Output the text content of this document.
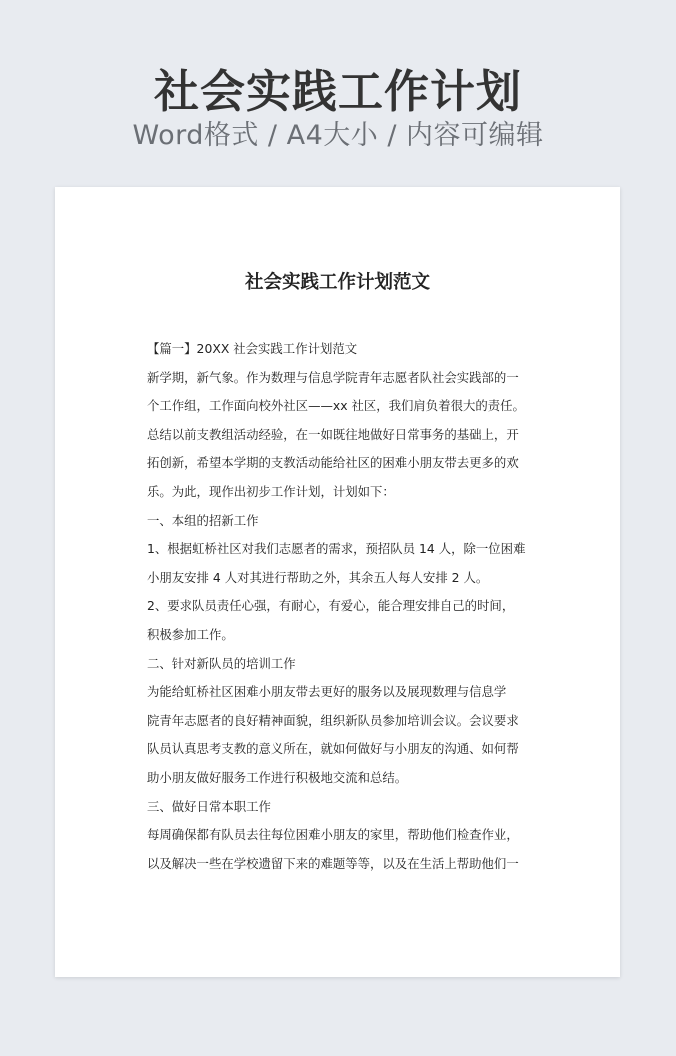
社会实践工作计划
Word格式 / A4大小 / 内容可编辑
社会实践工作计划范文
【篇一】20XX 社会实践工作计划范文
新学期，新气象。作为数理与信息学院青年志愿者队社会实践部的一
个工作组，工作面向校外社区——xx 社区，我们肩负着很大的责任。
总结以前支教组活动经验，在一如既往地做好日常事务的基础上，开
拓创新，希望本学期的支教活动能给社区的困难小朋友带去更多的欢
乐。为此，现作出初步工作计划，计划如下：
一、本组的招新工作
1、根据虹桥社区对我们志愿者的需求，预招队员 14 人，除一位困难
小朋友安排 4 人对其进行帮助之外，其余五人每人安排 2 人。
2、要求队员责任心强，有耐心，有爱心，能合理安排自己的时间，
积极参加工作。
二、针对新队员的培训工作
为能给虹桥社区困难小朋友带去更好的服务以及展现数理与信息学
院青年志愿者的良好精神面貌，组织新队员参加培训会议。会议要求
队员认真思考支教的意义所在，就如何做好与小朋友的沟通、如何帮
助小朋友做好服务工作进行积极地交流和总结。
三、做好日常本职工作
每周确保都有队员去往每位困难小朋友的家里，帮助他们检查作业，
以及解决一些在学校遗留下来的难题等等，以及在生活上帮助他们一
